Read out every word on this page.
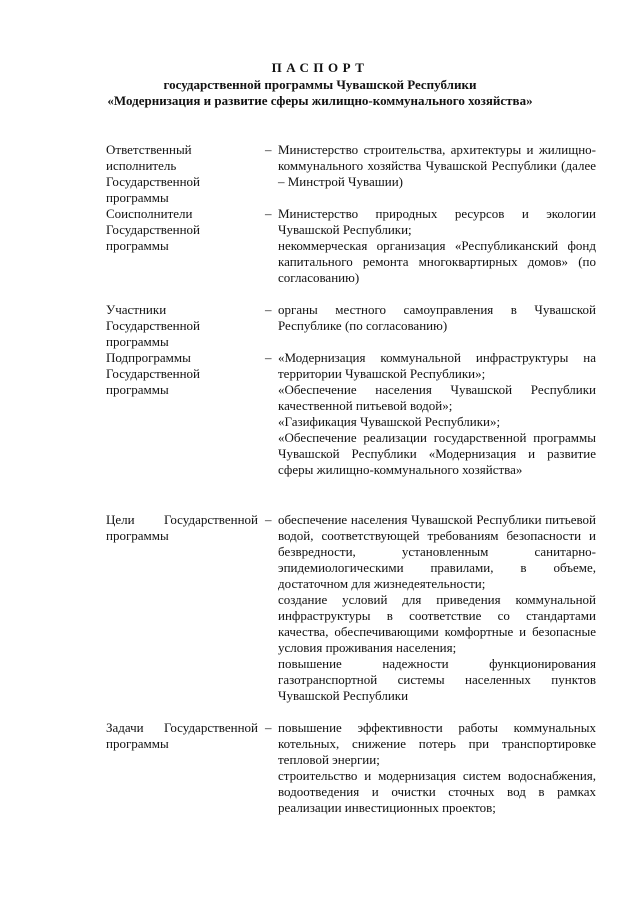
ПАСПОРТ
государственной программы Чувашской Республики
«Модернизация и развитие сферы жилищно-коммунального хозяйства»
Ответственный исполнитель Государственной программы
– Министерство строительства, архитектуры и жилищно-коммунального хозяйства Чувашской Республики (далее – Минстрой Чувашии)

Соисполнители Государственной программы
– Министерство природных ресурсов и экологии Чувашской Республики;

некоммерческая организация «Республиканский фонд капитального ремонта многоквартирных домов» (по согласованию)

Участники Государственной программы
– органы местного самоуправления в Чувашской Республике (по согласованию)

Подпрограммы Государственной программы
– «Модернизация коммунальной инфраструктуры на территории Чувашской Республики»;

«Обеспечение населения Чувашской Республики качественной питьевой водой»;

«Газификация Чувашской Республики»;

«Обеспечение реализации государственной программы Чувашской Республики «Модернизация и развитие сферы жилищно-коммунального хозяйства»

Цели Государственной программы
– обеспечение населения Чувашской Республики питьевой водой, соответствующей требованиям безопасности и безвредности, установленным санитарно-эпидемиологическими правилами, в объеме, достаточном для жизнедеятельности;

создание условий для приведения коммунальной инфраструктуры в соответствие со стандартами качества, обеспечивающими комфортные и безопасные условия проживания населения;

повышение надежности функционирования газотранспортной системы населенных пунктов Чувашской Республики

Задачи Государственной программы
– повышение эффективности работы коммунальных котельных, снижение потерь при транспортировке тепловой энергии;

строительство и модернизация систем водоснабжения, водоотведения и очистки сточных вод в рамках реализации инвестиционных проектов;
